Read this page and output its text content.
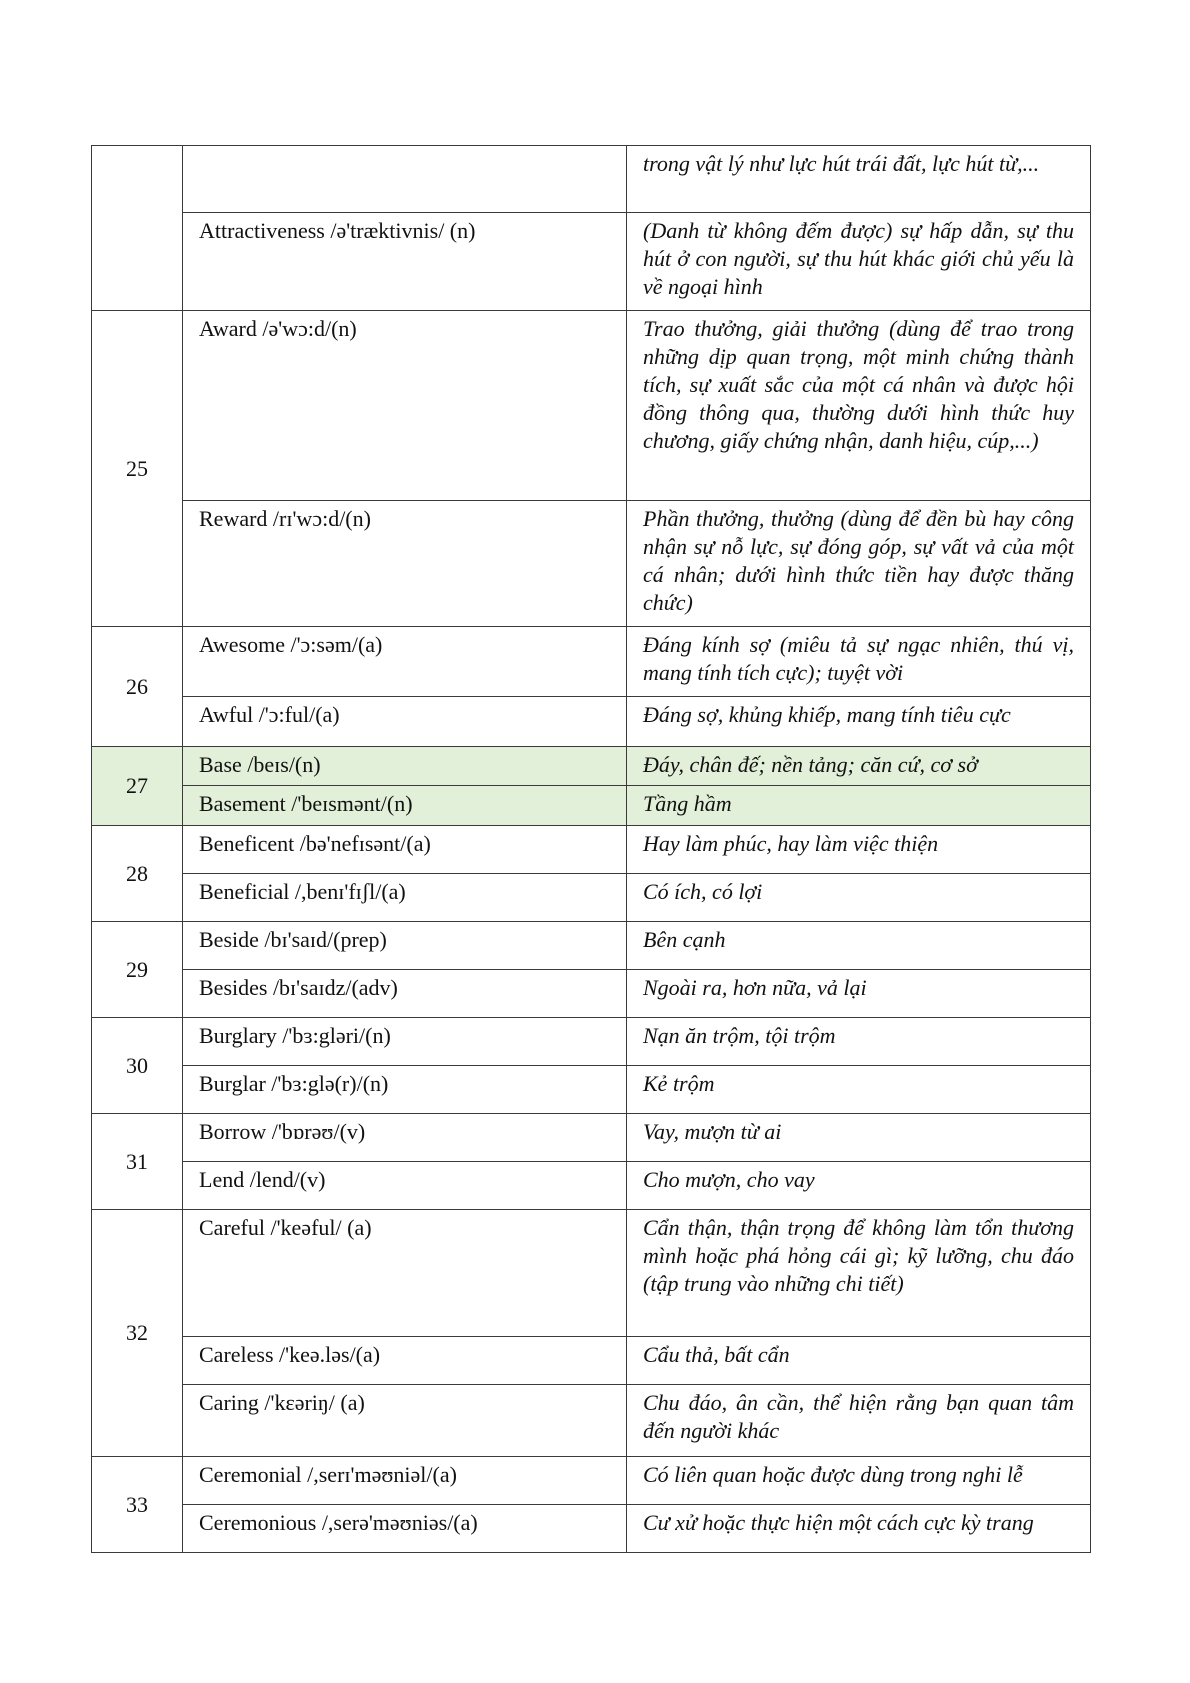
		trong vật lý như lực hút trái đất, lực hút từ,...
	Attractiveness /ə'træktivnis/ (n)	(Danh từ không đếm được) sự hấp dẫn, sự thu hút ở con người, sự thu hút khác giới chủ yếu là về ngoại hình
25	Award /ə'wɔ:d/(n)	Trao thưởng, giải thưởng (dùng để trao trong những dịp quan trọng, một minh chứng thành tích, sự xuất sắc của một cá nhân và được hội đồng thông qua, thường dưới hình thức huy chương, giấy chứng nhận, danh hiệu, cúp,...)
	Reward /rɪ'wɔ:d/(n)	Phần thưởng, thưởng (dùng để đền bù hay công nhận sự nỗ lực, sự đóng góp, sự vất vả của một cá nhân; dưới hình thức tiền hay được thăng chức)
26	Awesome /'ɔ:səm/(a)	Đáng kính sợ (miêu tả sự ngạc nhiên, thú vị, mang tính tích cực); tuyệt vời
	Awful /'ɔ:ful/(a)	Đáng sợ, khủng khiếp, mang tính tiêu cực
27	Base /beɪs/(n)	Đáy, chân đế; nền tảng; căn cứ, cơ sở
	Basement /'beɪsmənt/(n)	Tầng hầm
28	Beneficent /bə'nefɪsənt/(a)	Hay làm phúc, hay làm việc thiện
	Beneficial /,benɪ'fɪʃl/(a)	Có ích, có lợi
29	Beside /bɪ'saɪd/(prep)	Bên cạnh
	Besides /bɪ'saɪdz/(adv)	Ngoài ra, hơn nữa, vả lại
30	Burglary /'bɜ:gləri/(n)	Nạn ăn trộm, tội trộm
	Burglar /'bɜ:glə(r)/(n)	Kẻ trộm
31	Borrow /'bɒrəʊ/(v)	Vay, mượn từ ai
	Lend /lend/(v)	Cho mượn, cho vay
32	Careful /'keəful/ (a)	Cẩn thận, thận trọng để không làm tổn thương mình hoặc phá hỏng cái gì; kỹ lưỡng, chu đáo (tập trung vào những chi tiết)
	Careless /'keə.ləs/(a)	Cẩu thả, bất cẩn
	Caring /'kɛəriŋ/ (a)	Chu đáo, ân cần, thể hiện rằng bạn quan tâm đến người khác
33	Ceremonial /,serɪ'məʊniəl/(a)	Có liên quan hoặc được dùng trong nghi lễ
	Ceremonious /,serə'məʊniəs/(a)	Cư xử hoặc thực hiện một cách cực kỳ trang
